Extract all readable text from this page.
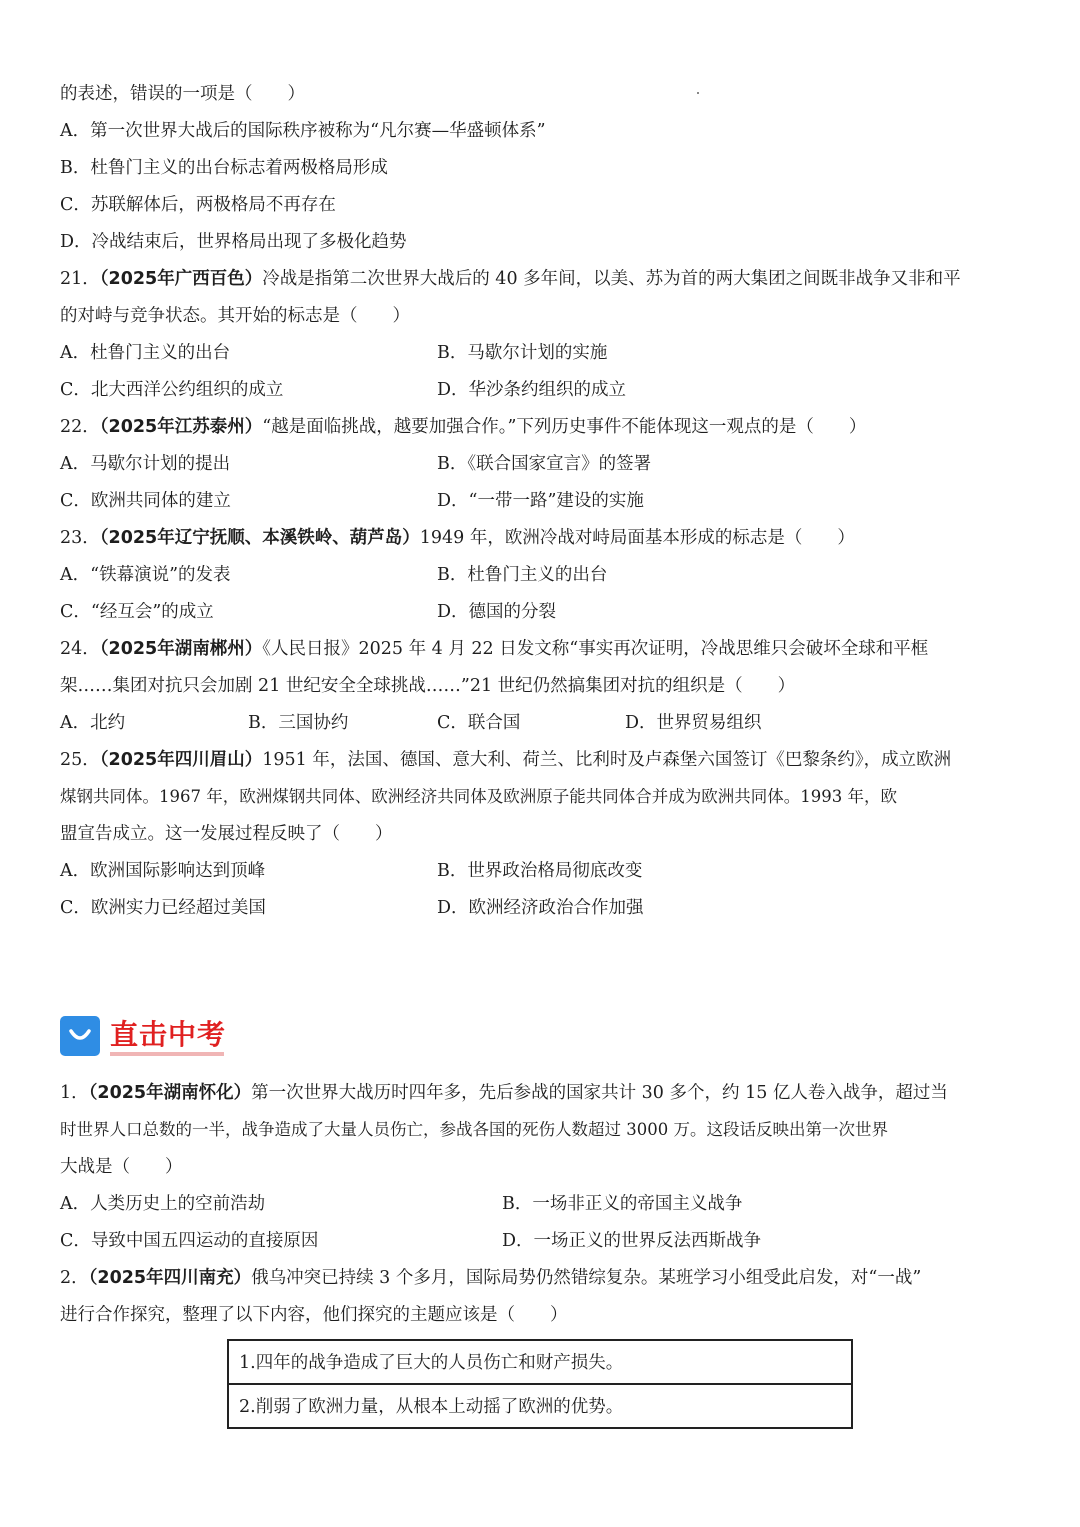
的表述，错误的一项是（　　）
A．第一次世界大战后的国际秩序被称为“凡尔赛—华盛顿体系”
B．杜鲁门主义的出台标志着两极格局形成
C．苏联解体后，两极格局不再存在
D．冷战结束后，世界格局出现了多极化趋势
21．（2025年广西百色）冷战是指第二次世界大战后的 40 多年间，以美、苏为首的两大集团之间既非战争又非和平
的对峙与竞争状态。其开始的标志是（　　）
A．杜鲁门主义的出台	B．马歇尔计划的实施
C．北大西洋公约组织的成立	D．华沙条约组织的成立
22．（2025年江苏泰州）“越是面临挑战，越要加强合作。”下列历史事件不能体现这一观点的是（　　）
A．马歇尔计划的提出	B．《联合国家宣言》的签署
C．欧洲共同体的建立	D．“一带一路”建设的实施
23．（2025年辽宁抚顺、本溪铁岭、葫芦岛）1949 年，欧洲冷战对峙局面基本形成的标志是（　　）
A．“铁幕演说”的发表	B．杜鲁门主义的出台
C．“经互会”的成立	D．德国的分裂
24．（2025年湖南郴州）《人民日报》2025 年 4 月 22 日发文称“事实再次证明，冷战思维只会破坏全球和平框
架……集团对抗只会加剧 21 世纪安全全球挑战……”21 世纪仍然搞集团对抗的组织是（　　）
A．北约	B．三国协约	C．联合国	D．世界贸易组织
25．（2025年四川眉山）1951 年，法国、德国、意大利、荷兰、比利时及卢森堡六国签订《巴黎条约》，成立欧洲
煤钢共同体。1967 年，欧洲煤钢共同体、欧洲经济共同体及欧洲原子能共同体合并成为欧洲共同体。1993 年，欧
盟宣告成立。这一发展过程反映了（　　）
A．欧洲国际影响达到顶峰	B．世界政治格局彻底改变
C．欧洲实力已经超过美国	D．欧洲经济政治合作加强
直击中考
1．（2025年湖南怀化）第一次世界大战历时四年多，先后参战的国家共计 30 多个，约 15 亿人卷入战争，超过当
时世界人口总数的一半，战争造成了大量人员伤亡，参战各国的死伤人数超过 3000 万。这段话反映出第一次世界
大战是（　　）
A．人类历史上的空前浩劫	B．一场非正义的帝国主义战争
C．导致中国五四运动的直接原因	D．一场正义的世界反法西斯战争
2．（2025年四川南充）俄乌冲突已持续 3 个多月，国际局势仍然错综复杂。某班学习小组受此启发，对“一战”
进行合作探究，整理了以下内容，他们探究的主题应该是（　　）
1.四年的战争造成了巨大的人员伤亡和财产损失。
2.削弱了欧洲力量，从根本上动摇了欧洲的优势。
